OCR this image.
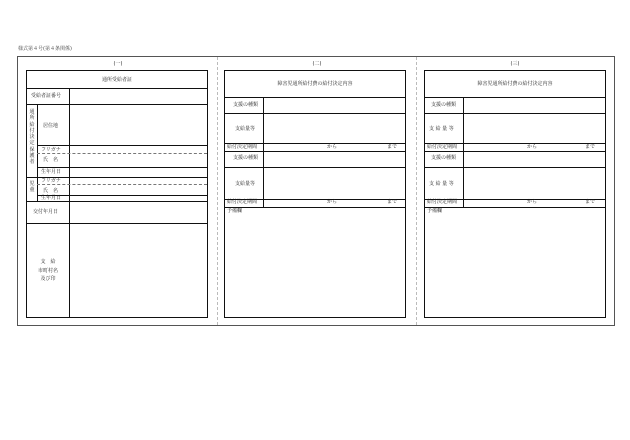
様式第４号(第４条関係)
(一)	(二)	(三)
通所受給者証
受給者証番号
通所給付決定保護者
居住地
フリガナ
氏　名
生年月日
児童
フリガナ
氏　名
生年月日
交付年月日
支　給
市町村名
及び印
障害児通所給付費の給付決定内容
支援の種類
支給量等
給付決定期間	から	まで
支援の種類
支給量等
給付決定期間	から	まで
予備欄
障害児通所給付費の給付決定内容
支援の種類
支 給 量 等
給付決定期間	から	まで
支援の種類
支 給 量 等
給付決定期間	から	まで
予備欄
